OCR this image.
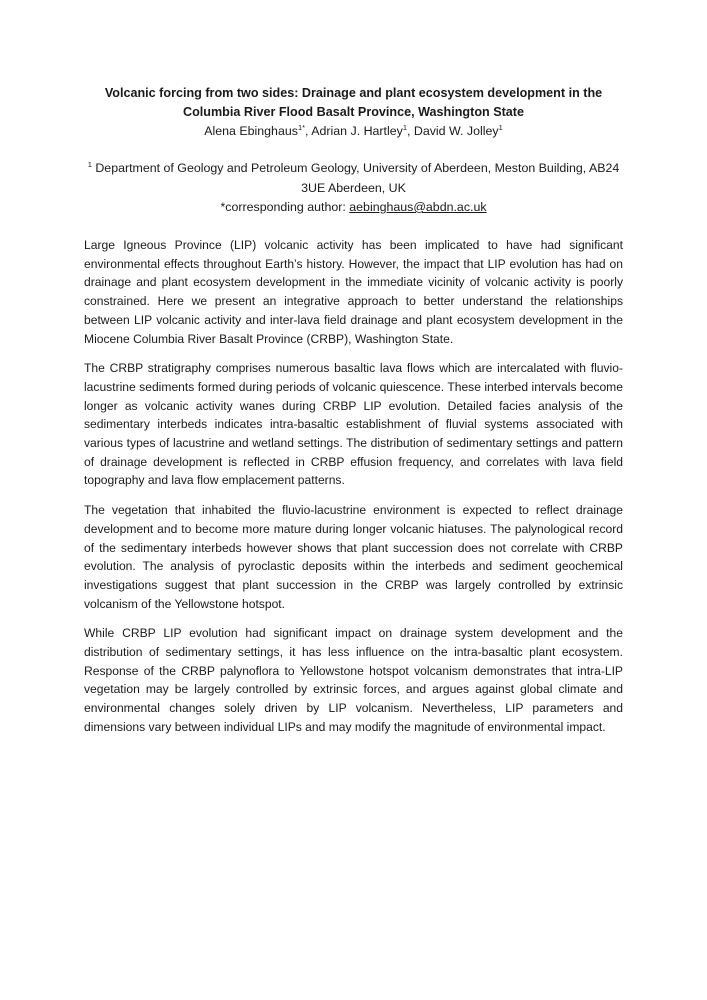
Volcanic forcing from two sides: Drainage and plant ecosystem development in the
Columbia River Flood Basalt Province, Washington State

Alena Ebinghaus$^{1*}$, Adrian J. Hartley$^1$, David W. Jolley$^1$

$^1$ Department of Geology and Petroleum Geology, University of Aberdeen, Meston Building, AB24
3UE Aberdeen, UK
*corresponding author: aebinghaus@abdn.ac.uk

Large Igneous Province (LIP) volcanic activity has been implicated to have had significant environmental effects throughout Earth’s history. However, the impact that LIP evolution has had on drainage and plant ecosystem development in the immediate vicinity of volcanic activity is poorly constrained. Here we present an integrative approach to better understand the relationships between LIP volcanic activity and inter-lava field drainage and plant ecosystem development in the Miocene Columbia River Basalt Province (CRBP), Washington State.

The CRBP stratigraphy comprises numerous basaltic lava flows which are intercalated with fluvio-lacustrine sediments formed during periods of volcanic quiescence. These interbed intervals become longer as volcanic activity wanes during CRBP LIP evolution. Detailed facies analysis of the sedimentary interbeds indicates intra-basaltic establishment of fluvial systems associated with various types of lacustrine and wetland settings. The distribution of sedimentary settings and pattern of drainage development is reflected in CRBP effusion frequency, and correlates with lava field topography and lava flow emplacement patterns.

The vegetation that inhabited the fluvio-lacustrine environment is expected to reflect drainage development and to become more mature during longer volcanic hiatuses. The palynological record of the sedimentary interbeds however shows that plant succession does not correlate with CRBP evolution. The analysis of pyroclastic deposits within the interbeds and sediment geochemical investigations suggest that plant succession in the CRBP was largely controlled by extrinsic volcanism of the Yellowstone hotspot.

While CRBP LIP evolution had significant impact on drainage system development and the distribution of sedimentary settings, it has less influence on the intra-basaltic plant ecosystem. Response of the CRBP palynoflora to Yellowstone hotspot volcanism demonstrates that intra-LIP vegetation may be largely controlled by extrinsic forces, and argues against global climate and environmental changes solely driven by LIP volcanism. Nevertheless, LIP parameters and dimensions vary between individual LIPs and may modify the magnitude of environmental impact.
